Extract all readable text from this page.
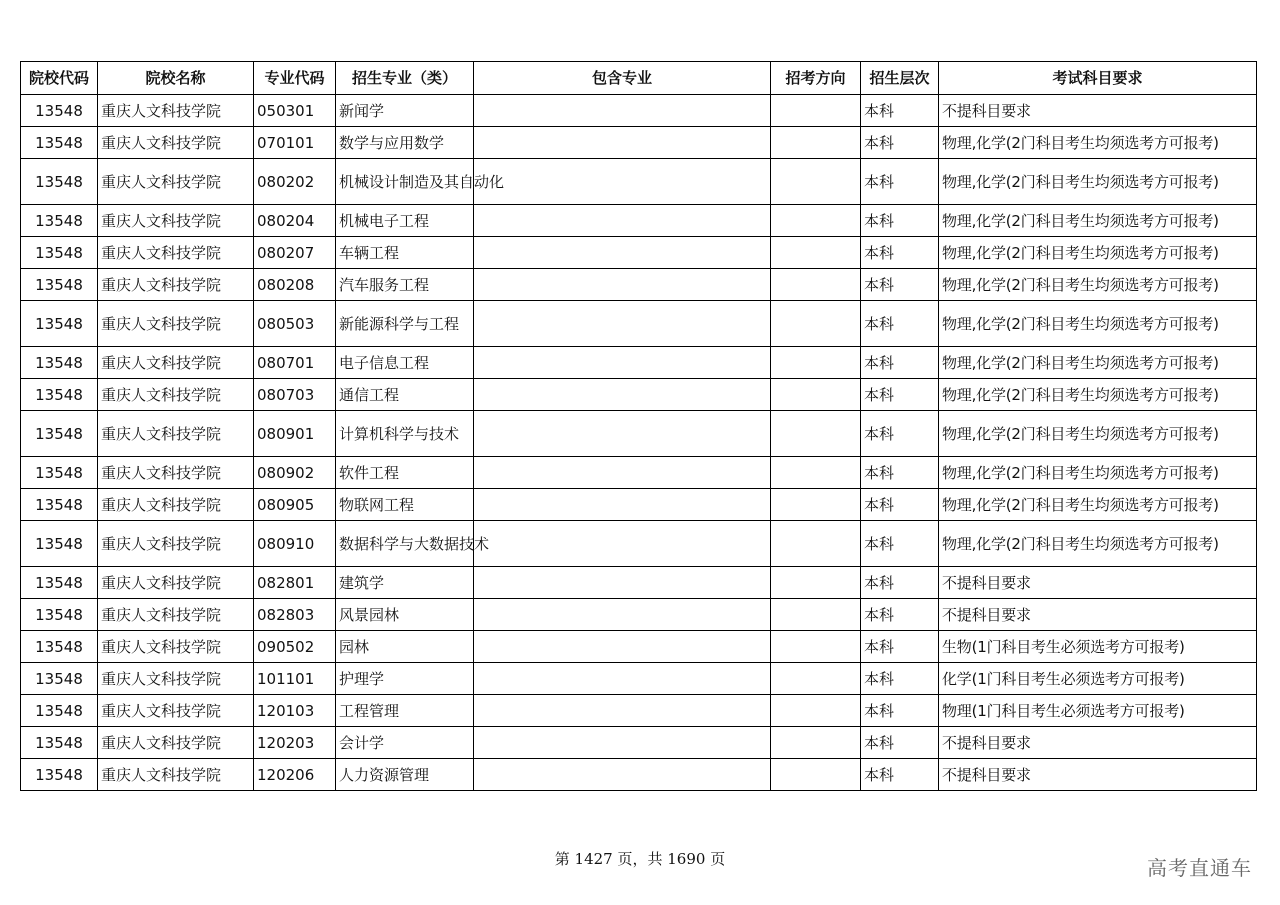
院校代码	院校名称	专业代码	招生专业（类）	包含专业	招考方向	招生层次	考试科目要求
13548	重庆人文科技学院	050301	新闻学			本科	不提科目要求
13548	重庆人文科技学院	070101	数学与应用数学			本科	物理,化学(2门科目考生均须选考方可报考)
13548	重庆人文科技学院	080202	机械设计制造及其自动化			本科	物理,化学(2门科目考生均须选考方可报考)
13548	重庆人文科技学院	080204	机械电子工程			本科	物理,化学(2门科目考生均须选考方可报考)
13548	重庆人文科技学院	080207	车辆工程			本科	物理,化学(2门科目考生均须选考方可报考)
13548	重庆人文科技学院	080208	汽车服务工程			本科	物理,化学(2门科目考生均须选考方可报考)
13548	重庆人文科技学院	080503	新能源科学与工程			本科	物理,化学(2门科目考生均须选考方可报考)
13548	重庆人文科技学院	080701	电子信息工程			本科	物理,化学(2门科目考生均须选考方可报考)
13548	重庆人文科技学院	080703	通信工程			本科	物理,化学(2门科目考生均须选考方可报考)
13548	重庆人文科技学院	080901	计算机科学与技术			本科	物理,化学(2门科目考生均须选考方可报考)
13548	重庆人文科技学院	080902	软件工程			本科	物理,化学(2门科目考生均须选考方可报考)
13548	重庆人文科技学院	080905	物联网工程			本科	物理,化学(2门科目考生均须选考方可报考)
13548	重庆人文科技学院	080910	数据科学与大数据技术			本科	物理,化学(2门科目考生均须选考方可报考)
13548	重庆人文科技学院	082801	建筑学			本科	不提科目要求
13548	重庆人文科技学院	082803	风景园林			本科	不提科目要求
13548	重庆人文科技学院	090502	园林			本科	生物(1门科目考生必须选考方可报考)
13548	重庆人文科技学院	101101	护理学			本科	化学(1门科目考生必须选考方可报考)
13548	重庆人文科技学院	120103	工程管理			本科	物理(1门科目考生必须选考方可报考)
13548	重庆人文科技学院	120203	会计学			本科	不提科目要求
13548	重庆人文科技学院	120206	人力资源管理			本科	不提科目要求
第 1427 页，共 1690 页	高考直通车
